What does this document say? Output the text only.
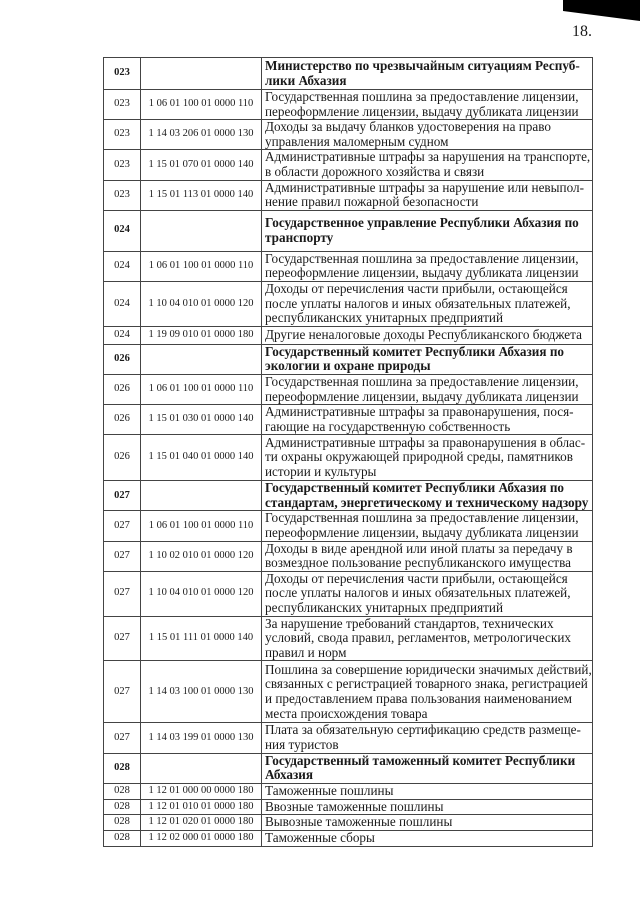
18.
023		Министерство по чрезвычайным ситуациям Респуб-
лики Абхазия

023	1 06 01 100 01 0000 110	Государственная пошлина за предоставление лицензии,
переоформление лицензии, выдачу дубликата лицензии

023	1 14 03 206 01 0000 130	Доходы за выдачу бланков удостоверения на право
управления маломерным судном

023	1 15 01 070 01 0000 140	Административные штрафы за нарушения на транспорте,
в области дорожного хозяйства и связи

023	1 15 01 113 01 0000 140	Административные штрафы за нарушение или невыпол-
нение правил пожарной безопасности

024		Государственное управление Республики Абхазия по
транспорту

024	1 06 01 100 01 0000 110	Государственная пошлина за предоставление лицензии,
переоформление лицензии, выдачу дубликата лицензии

024	1 10 04 010 01 0000 120	Доходы от перечисления части прибыли, остающейся
после уплаты налогов и иных обязательных платежей,
республиканских унитарных предприятий

024	1 19 09 010 01 0000 180	Другие неналоговые доходы Республиканского бюджета

026		Государственный комитет Республики Абхазия по
экологии и охране природы

026	1 06 01 100 01 0000 110	Государственная пошлина за предоставление лицензии,
переоформление лицензии, выдачу дубликата лицензии

026	1 15 01 030 01 0000 140	Административные штрафы за правонарушения, пося-
гающие на государственную собственность

026	1 15 01 040 01 0000 140	Административные штрафы за правонарушения в облас-
ти охраны окружающей природной среды, памятников
истории и культуры

027		Государственный комитет Республики Абхазия по
стандартам, энергетическому и техническому надзору

027	1 06 01 100 01 0000 110	Государственная пошлина за предоставление лицензии,
переоформление лицензии, выдачу дубликата лицензии

027	1 10 02 010 01 0000 120	Доходы в виде арендной или иной платы за передачу в
возмездное пользование республиканского имущества

027	1 10 04 010 01 0000 120	Доходы от перечисления части прибыли, остающейся
после уплаты налогов и иных обязательных платежей,
республиканских унитарных предприятий

027	1 15 01 111 01 0000 140	За нарушение требований стандартов, технических
условий, свода правил, регламентов, метрологических
правил и норм

027	1 14 03 100 01 0000 130	Пошлина за совершение юридически значимых действий,
связанных с регистрацией товарного знака, регистрацией
и предоставлением права пользования наименованием
места происхождения товара

027	1 14 03 199 01 0000 130	Плата за обязательную сертификацию средств размеще-
ния туристов

028		Государственный таможенный комитет Республики
Абхазия

028	1 12 01 000 00 0000 180	Таможенные пошлины

028	1 12 01 010 01 0000 180	Ввозные таможенные пошлины

028	1 12 01 020 01 0000 180	Вывозные таможенные пошлины

028	1 12 02 000 01 0000 180	Таможенные сборы
